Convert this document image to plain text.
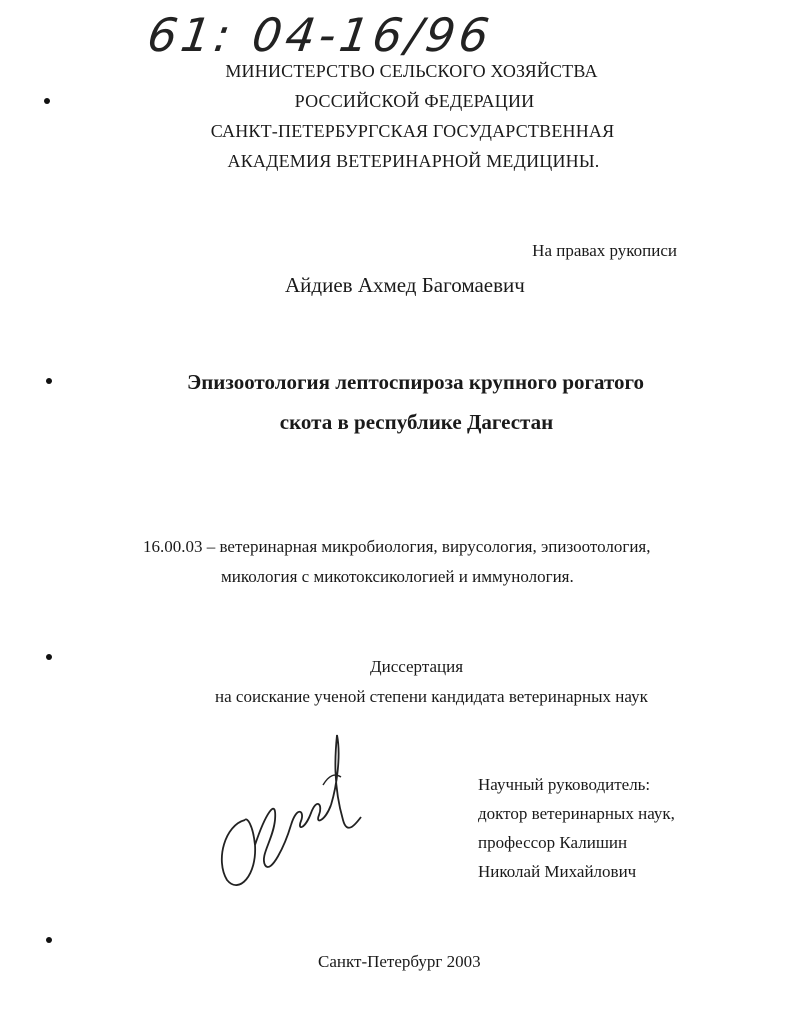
61: 04-16/96
МИНИСТЕРСТВО СЕЛЬСКОГО ХОЗЯЙСТВА
РОССИЙСКОЙ ФЕДЕРАЦИИ
САНКТ-ПЕТЕРБУРГСКАЯ ГОСУДАРСТВЕННАЯ
АКАДЕМИЯ ВЕТЕРИНАРНОЙ МЕДИЦИНЫ.
На правах рукописи
Айдиев Ахмед Багомаевич
Эпизоотология лептоспироза крупного рогатого
скота в республике Дагестан
16.00.03 – ветеринарная микробиология, вирусология, эпизоотология,
микология с микотоксикологией и иммунология.
Диссертация
на соискание ученой степени кандидата ветеринарных наук
Научный руководитель:
доктор ветеринарных наук,
профессор Калишин
Николай Михайлович
Санкт-Петербург 2003
